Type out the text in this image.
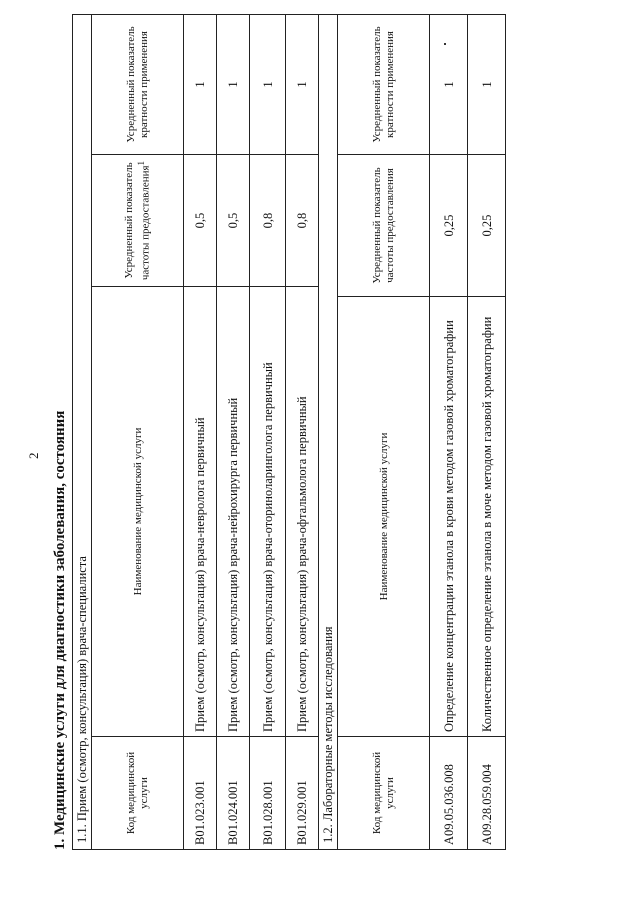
2 1. Медицинские услуги для диагностики заболевания, состояния 1.1. Прием (осмотр, консультация) врача-специалиста			
Код медицинской услуги	Наименование медицинской услуги	Усредненный показатель частоты предоставления$^1$	Усредненный показатель кратности применения
B01.023.001	Прием (осмотр, консультация) врача-невролога первичный	0,5	1
B01.024.001	Прием (осмотр, консультация) врача-нейрохирурга первичный	0,5	1
B01.028.001	Прием (осмотр, консультация) врача-оториноларинголога первичный	0,8	1
B01.029.001	Прием (осмотр, консультация) врача-офтальмолога первичный	0,8	1
1.2. Лабораторные методы исследования			
Код медицинской услуги	Наименование медицинской услуги	Усредненный показатель частоты предоставления	Усредненный показатель кратности применения
A09.05.036.008	Определение концентрации этанола в крови методом газовой хроматографии	0,25	1
A09.28.059.004	Количественное определение этанола в моче методом газовой хроматографии	0,25	1
